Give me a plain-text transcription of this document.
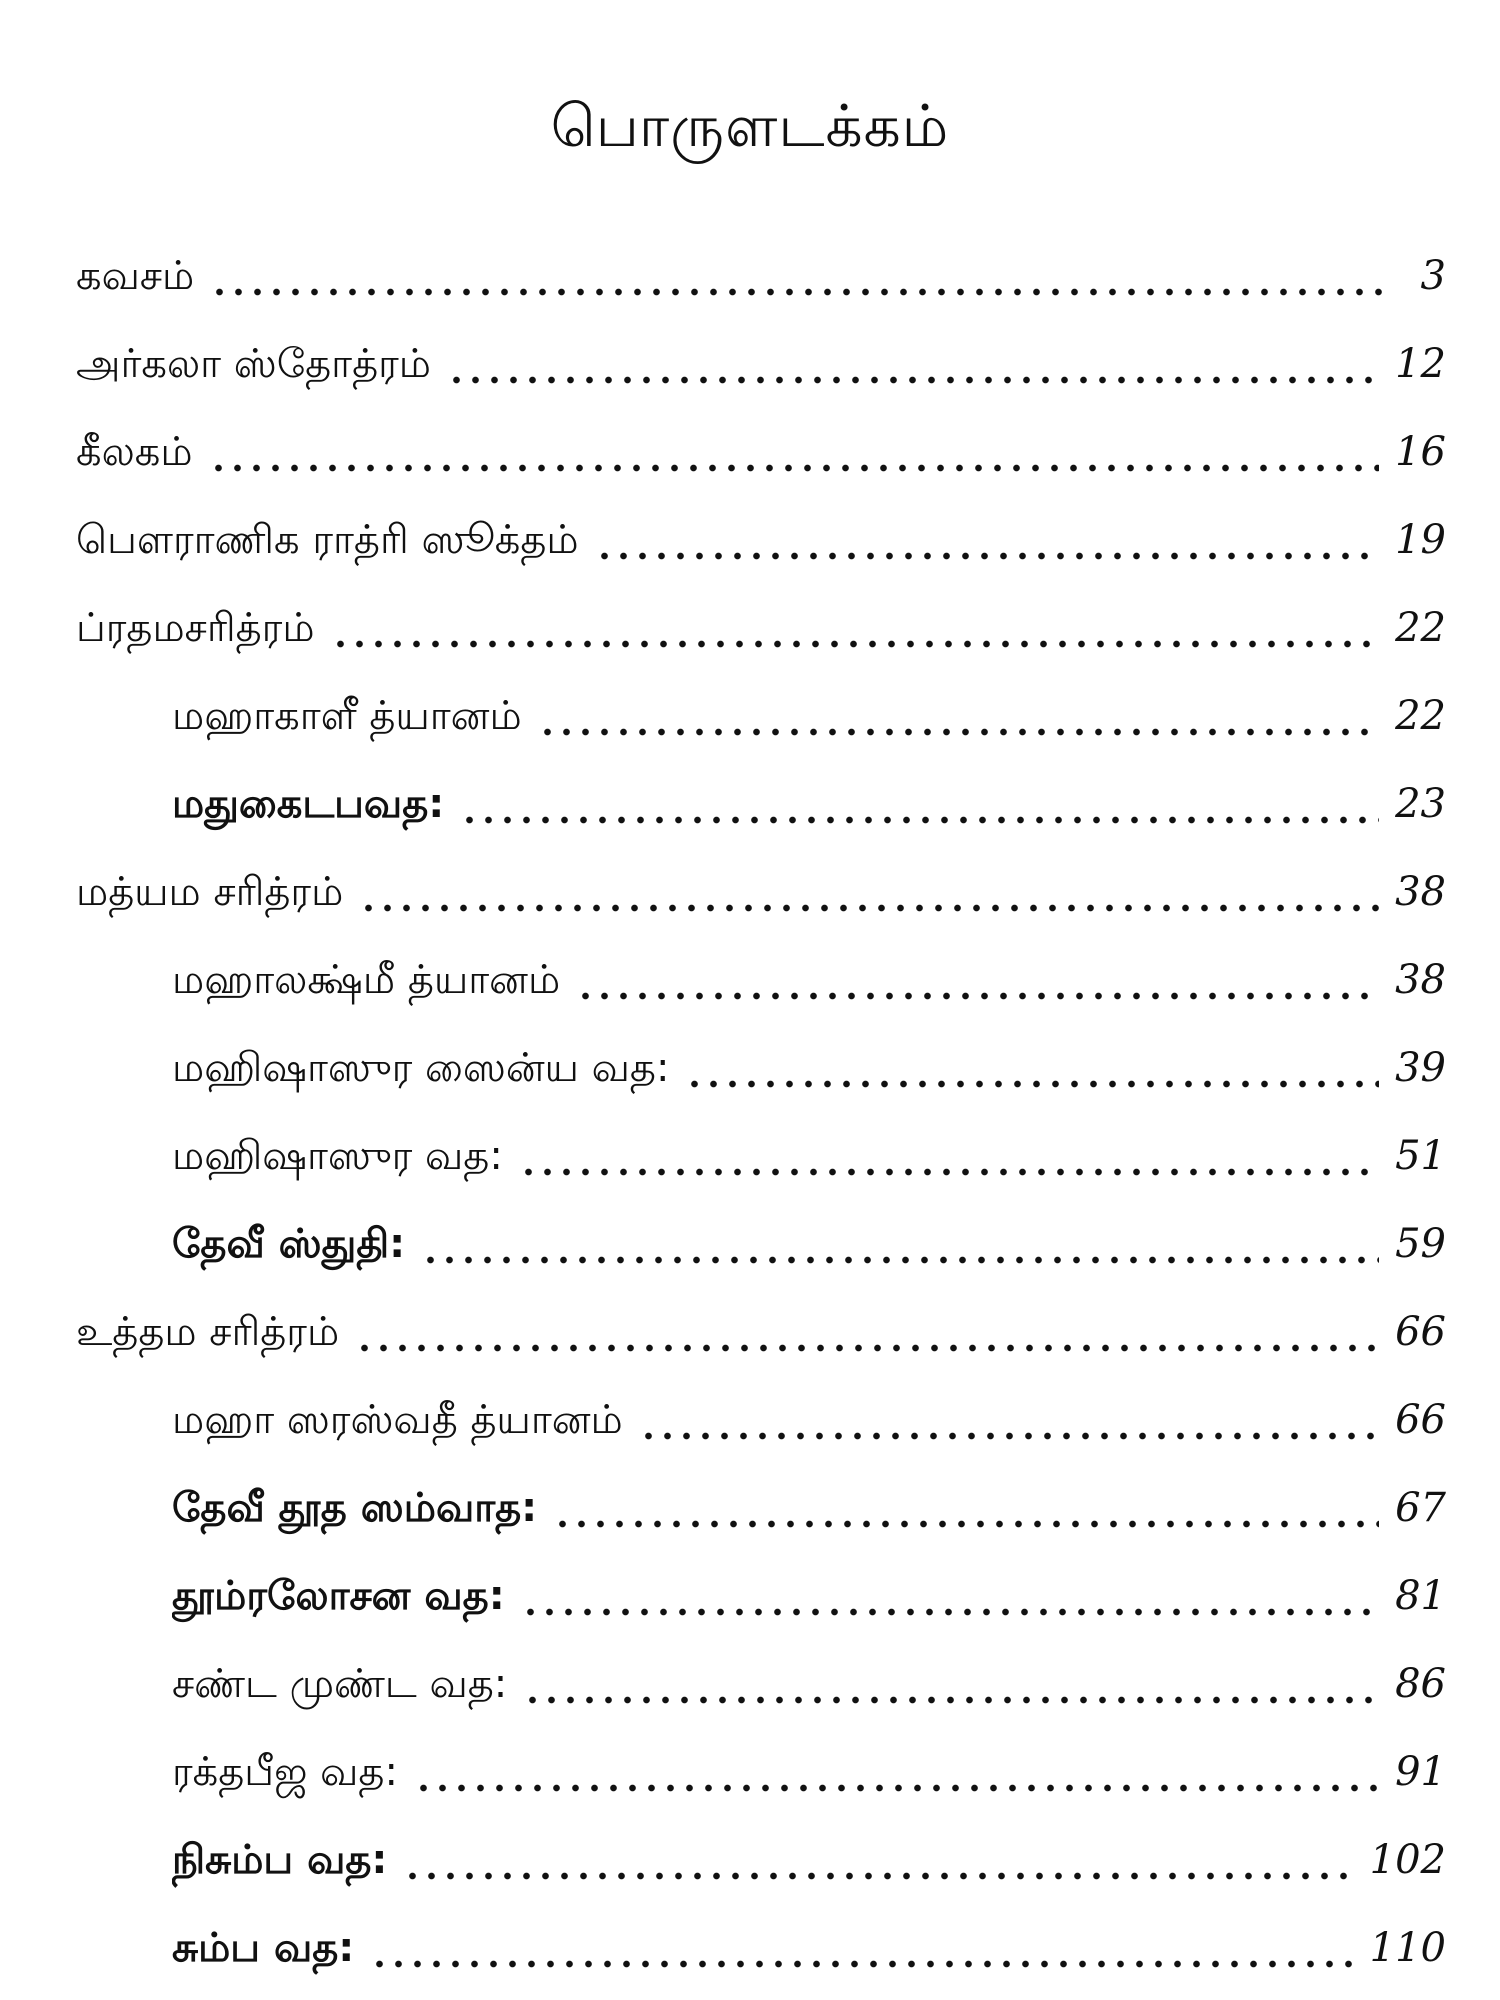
பொருளடக்கம்
கவசம்	3
அர்கலா ஸ்தோத்ரம்	12
கீலகம்	16
பௌராணிக ராத்ரி ஸூக்தம்	19
ப்ரதமசரித்ரம்	22
மஹாகாளீ த்யானம்	22
மதுகைடபவத:	23
மத்யம சரித்ரம்	38
மஹாலக்ஷ்மீ த்யானம்	38
மஹிஷாஸுர ஸைன்ய வத:	39
மஹிஷாஸுர வத:	51
தேவீ ஸ்துதி:	59
உத்தம சரித்ரம்	66
மஹா ஸரஸ்வதீ த்யானம்	66
தேவீ தூத ஸம்வாத:	67
தூம்ரலோசன வத:	81
சண்ட முண்ட வத:	86
ரக்தபீஜ வத:	91
நிசும்ப வத:	102
சும்ப வத:	110
